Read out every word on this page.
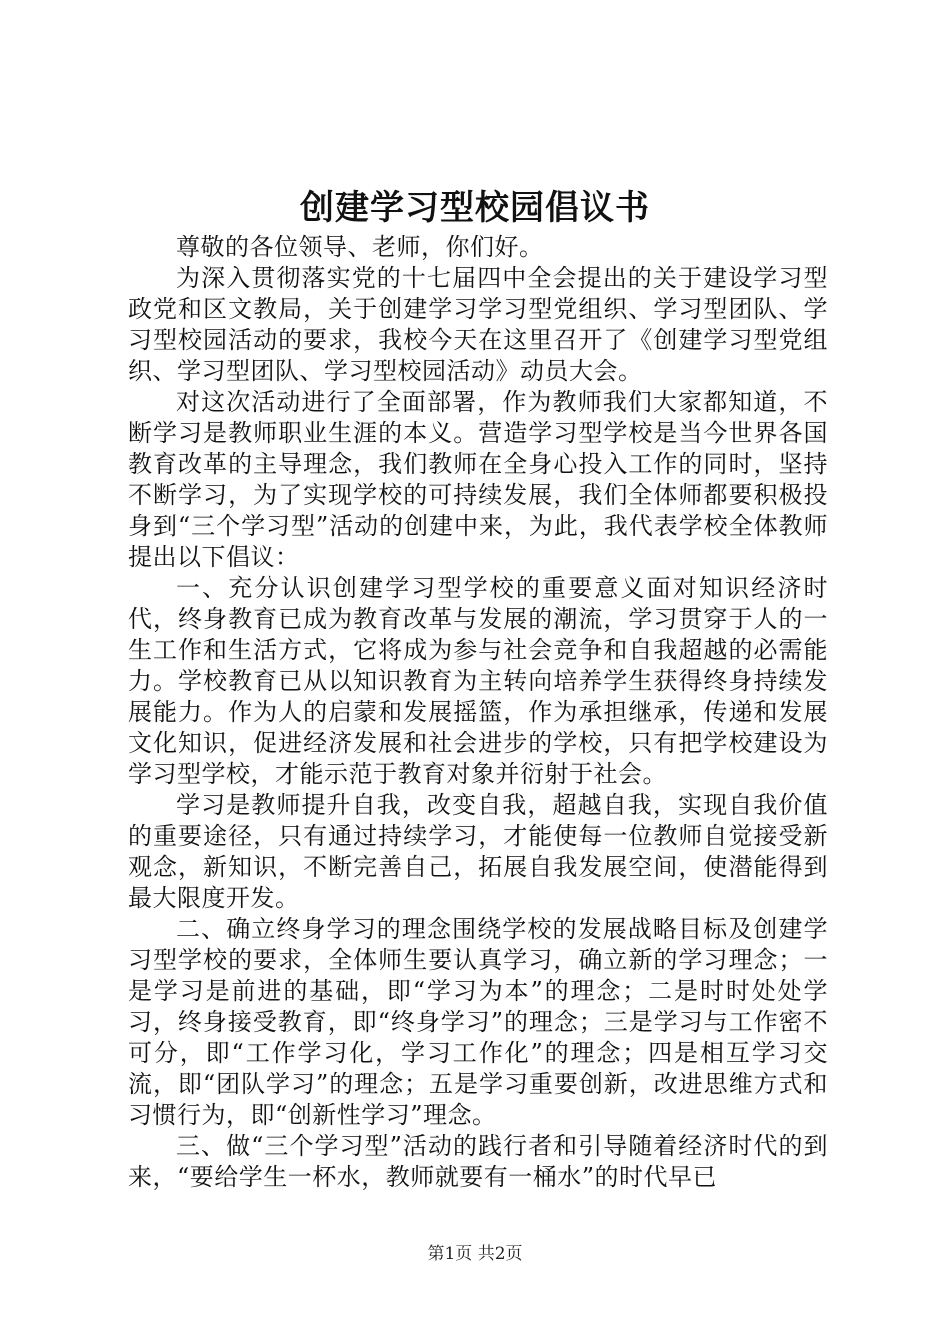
创建学习型校园倡议书

尊敬的各位领导、老师，你们好。

为深入贯彻落实党的十七届四中全会提出的关于建设学习型政党和区文教局，关于创建学习学习型党组织、学习型团队、学习型校园活动的要求，我校今天在这里召开了《创建学习型党组织、学习型团队、学习型校园活动》动员大会。

对这次活动进行了全面部署，作为教师我们大家都知道，不断学习是教师职业生涯的本义。营造学习型学校是当今世界各国教育改革的主导理念，我们教师在全身心投入工作的同时，坚持不断学习，为了实现学校的可持续发展，我们全体师都要积极投身到“三个学习型”活动的创建中来，为此，我代表学校全体教师提出以下倡议：

一、充分认识创建学习型学校的重要意义面对知识经济时代，终身教育已成为教育改革与发展的潮流，学习贯穿于人的一生工作和生活方式，它将成为参与社会竞争和自我超越的必需能力。学校教育已从以知识教育为主转向培养学生获得终身持续发展能力。作为人的启蒙和发展摇篮，作为承担继承，传递和发展文化知识，促进经济发展和社会进步的学校，只有把学校建设为学习型学校，才能示范于教育对象并衍射于社会。

学习是教师提升自我，改变自我，超越自我，实现自我价值的重要途径，只有通过持续学习，才能使每一位教师自觉接受新观念，新知识，不断完善自己，拓展自我发展空间，使潜能得到最大限度开发。

二、确立终身学习的理念围绕学校的发展战略目标及创建学习型学校的要求，全体师生要认真学习，确立新的学习理念；一是学习是前进的基础，即“学习为本”的理念；二是时时处处学习，终身接受教育，即“终身学习”的理念；三是学习与工作密不可分，即“工作学习化，学习工作化”的理念；四是相互学习交流，即“团队学习”的理念；五是学习重要创新，改进思维方式和习惯行为，即“创新性学习”理念。

三、做“三个学习型”活动的践行者和引导随着经济时代的到来，“要给学生一杯水，教师就要有一桶水”的时代早已

第1页 共2页
